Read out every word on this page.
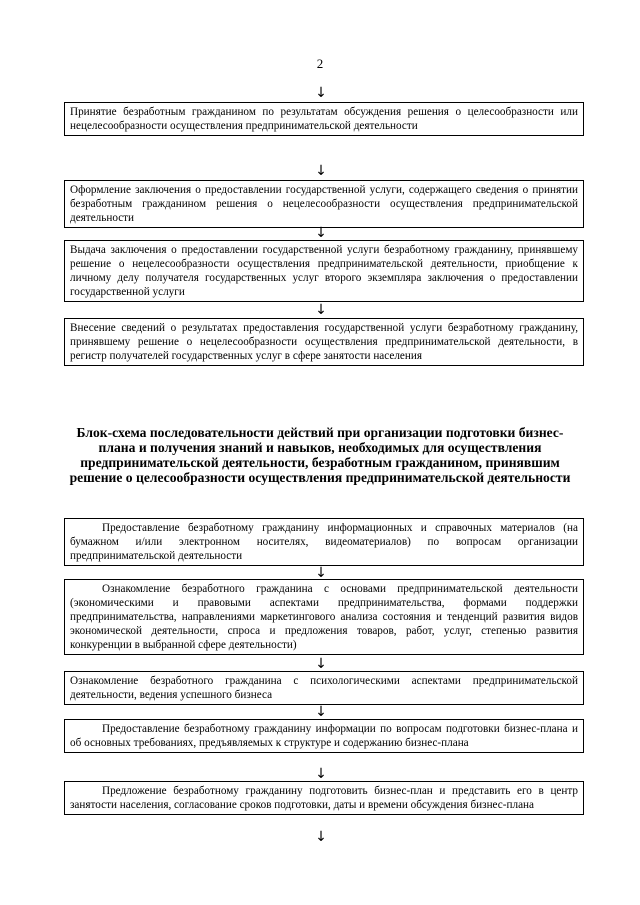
2
↓
Принятие безработным гражданином по результатам обсуждения решения о целесообразности или нецелесообразности осуществления предпринимательской деятельности
↓
Оформление заключения о предоставлении государственной услуги, содержащего сведения о принятии безработным гражданином решения о нецелесообразности осуществления предпринимательской деятельности
↓
Выдача заключения о предоставлении государственной услуги безработному гражданину, принявшему решение о нецелесообразности осуществления предпринимательской деятельности, приобщение к личному делу получателя государственных услуг второго экземпляра заключения о предоставлении государственной услуги
↓
Внесение сведений о результатах предоставления государственной услуги безработному гражданину, принявшему решение о нецелесообразности осуществления предпринимательской деятельности, в регистр получателей государственных услуг в сфере занятости населения
Блок-схема последовательности действий при организации подготовки бизнес-плана и получения знаний и навыков, необходимых для осуществления предпринимательской деятельности, безработным гражданином, принявшим решение о целесообразности осуществления предпринимательской деятельности
Предоставление безработному гражданину информационных и справочных материалов (на бумажном и/или электронном носителях, видеоматериалов) по вопросам организации предпринимательской деятельности
↓
Ознакомление безработного гражданина с основами предпринимательской деятельности (экономическими и правовыми аспектами предпринимательства, формами поддержки предпринимательства, направлениями маркетингового анализа состояния и тенденций развития видов экономической деятельности, спроса и предложения товаров, работ, услуг, степенью развития конкуренции в выбранной сфере деятельности)
↓
Ознакомление безработного гражданина с психологическими аспектами предпринимательской деятельности, ведения успешного бизнеса
↓
Предоставление безработному гражданину информации по вопросам подготовки бизнес-плана и об основных требованиях, предъявляемых к структуре и содержанию бизнес-плана
↓
Предложение безработному гражданину подготовить бизнес-план и представить его в центр занятости населения, согласование сроков подготовки, даты и времени обсуждения бизнес-плана
↓
